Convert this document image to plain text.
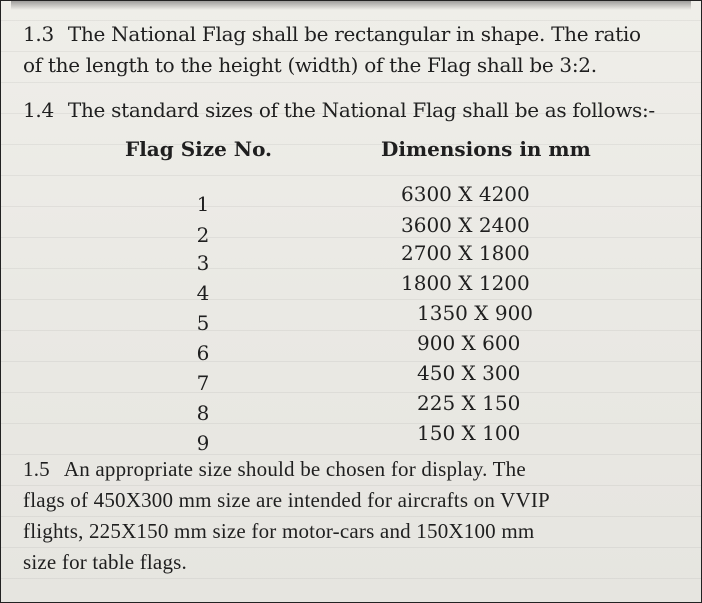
1.3 The National Flag shall be rectangular in shape. The ratio
of the length to the height (width) of the Flag shall be 3:2.
1.4 The standard sizes of the National Flag shall be as follows:-
Flag Size No.	Dimensions in mm
1	6300 X 4200
2	3600 X 2400
3	2700 X 1800
4	1800 X 1200
5	1350 X 900
6	900 X 600
7	450 X 300
8	225 X 150
9	150 X 100
1.5 An appropriate size should be chosen for display. The
flags of 450X300 mm size are intended for aircrafts on VVIP
flights, 225X150 mm size for motor-cars and 150X100 mm
size for table flags.
